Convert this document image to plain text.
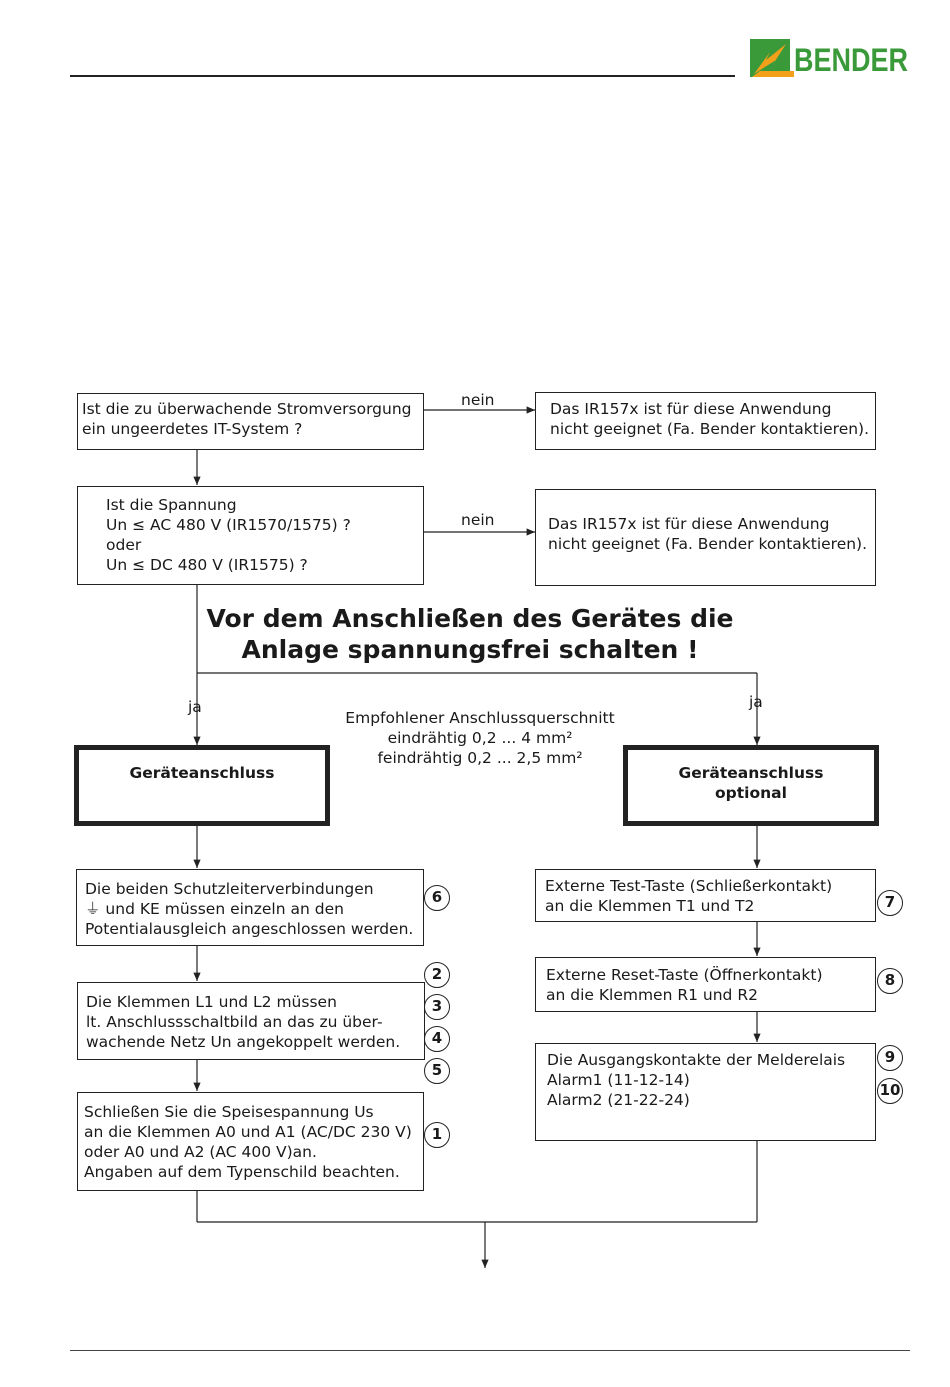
BENDER
Ist die zu überwachende Stromversorgung
ein ungeerdetes IT-System ?
nein	Das IR157x ist für diese Anwendung
nicht geeignet (Fa. Bender kontaktieren).
Ist die Spannung
Un ≤ AC 480 V (IR1570/1575) ?
oder
Un ≤ DC 480 V (IR1575) ?
nein	Das IR157x ist für diese Anwendung
nicht geeignet (Fa. Bender kontaktieren).
Vor dem Anschließen des Gerätes die
Anlage spannungsfrei schalten !
ja	ja
Empfohlener Anschlussquerschnitt
eindrähtig 0,2 ... 4 mm²
feindrähtig 0,2 ... 2,5 mm²
Geräteanschluss	Geräteanschluss
optional
Die beiden Schutzleiterverbindungen
⏚ und KE müssen einzeln an den
Potentialausgleich angeschlossen werden.
6
2
Die Klemmen L1 und L2 müssen
lt. Anschlussschaltbild an das zu über-
wachende Netz Un angekoppelt werden.
3
4
5
Schließen Sie die Speisespannung Us
an die Klemmen A0 und A1 (AC/DC 230 V)
oder A0 und A2 (AC 400 V)an.
Angaben auf dem Typenschild beachten.
1
Externe Test-Taste (Schließerkontakt)
an die Klemmen T1 und T2	7
Externe Reset-Taste (Öffnerkontakt)
an die Klemmen R1 und R2
8
Die Ausgangskontakte der Melderelais
Alarm1 (11-12-14)
Alarm2 (21-22-24)
9
10
